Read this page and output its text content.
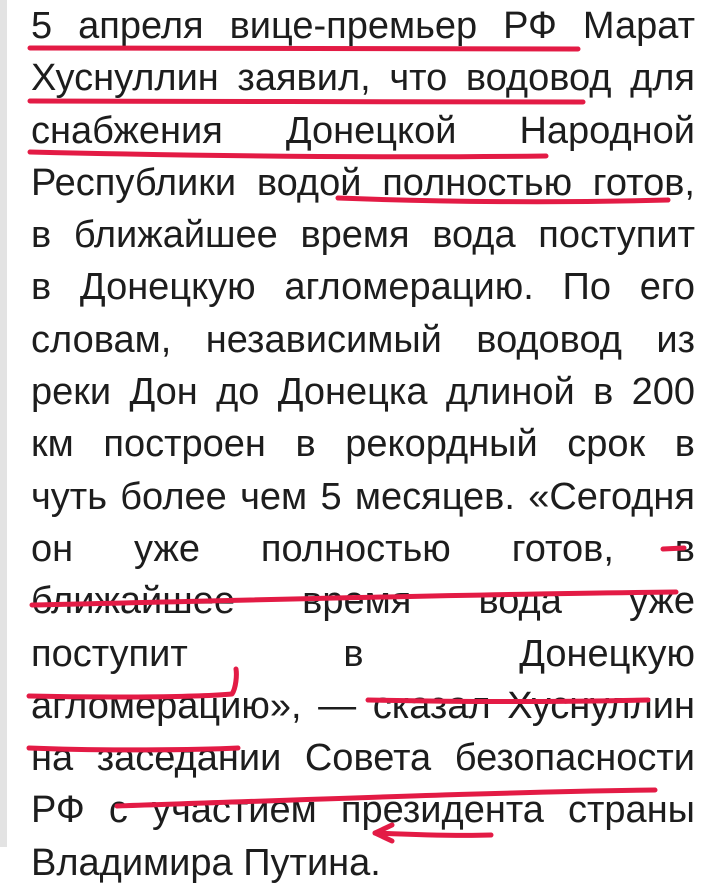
5 апреля вице-премьер РФ Марат
Хуснуллин заявил, что водовод для
снабжения Донецкой Народной
Республики водой полностью готов,
в ближайшее время вода поступит
в Донецкую агломерацию. По его
словам, независимый водовод из
реки Дон до Донецка длиной в 200
км построен в рекордный срок в
чуть более чем 5 месяцев. «Сегодня
он уже полностью готов, в
ближайшее время вода уже
поступит в Донецкую
агломерацию», — сказал Хуснуллин
на заседании Совета безопасности
РФ с участием президента страны
Владимира Путина.
